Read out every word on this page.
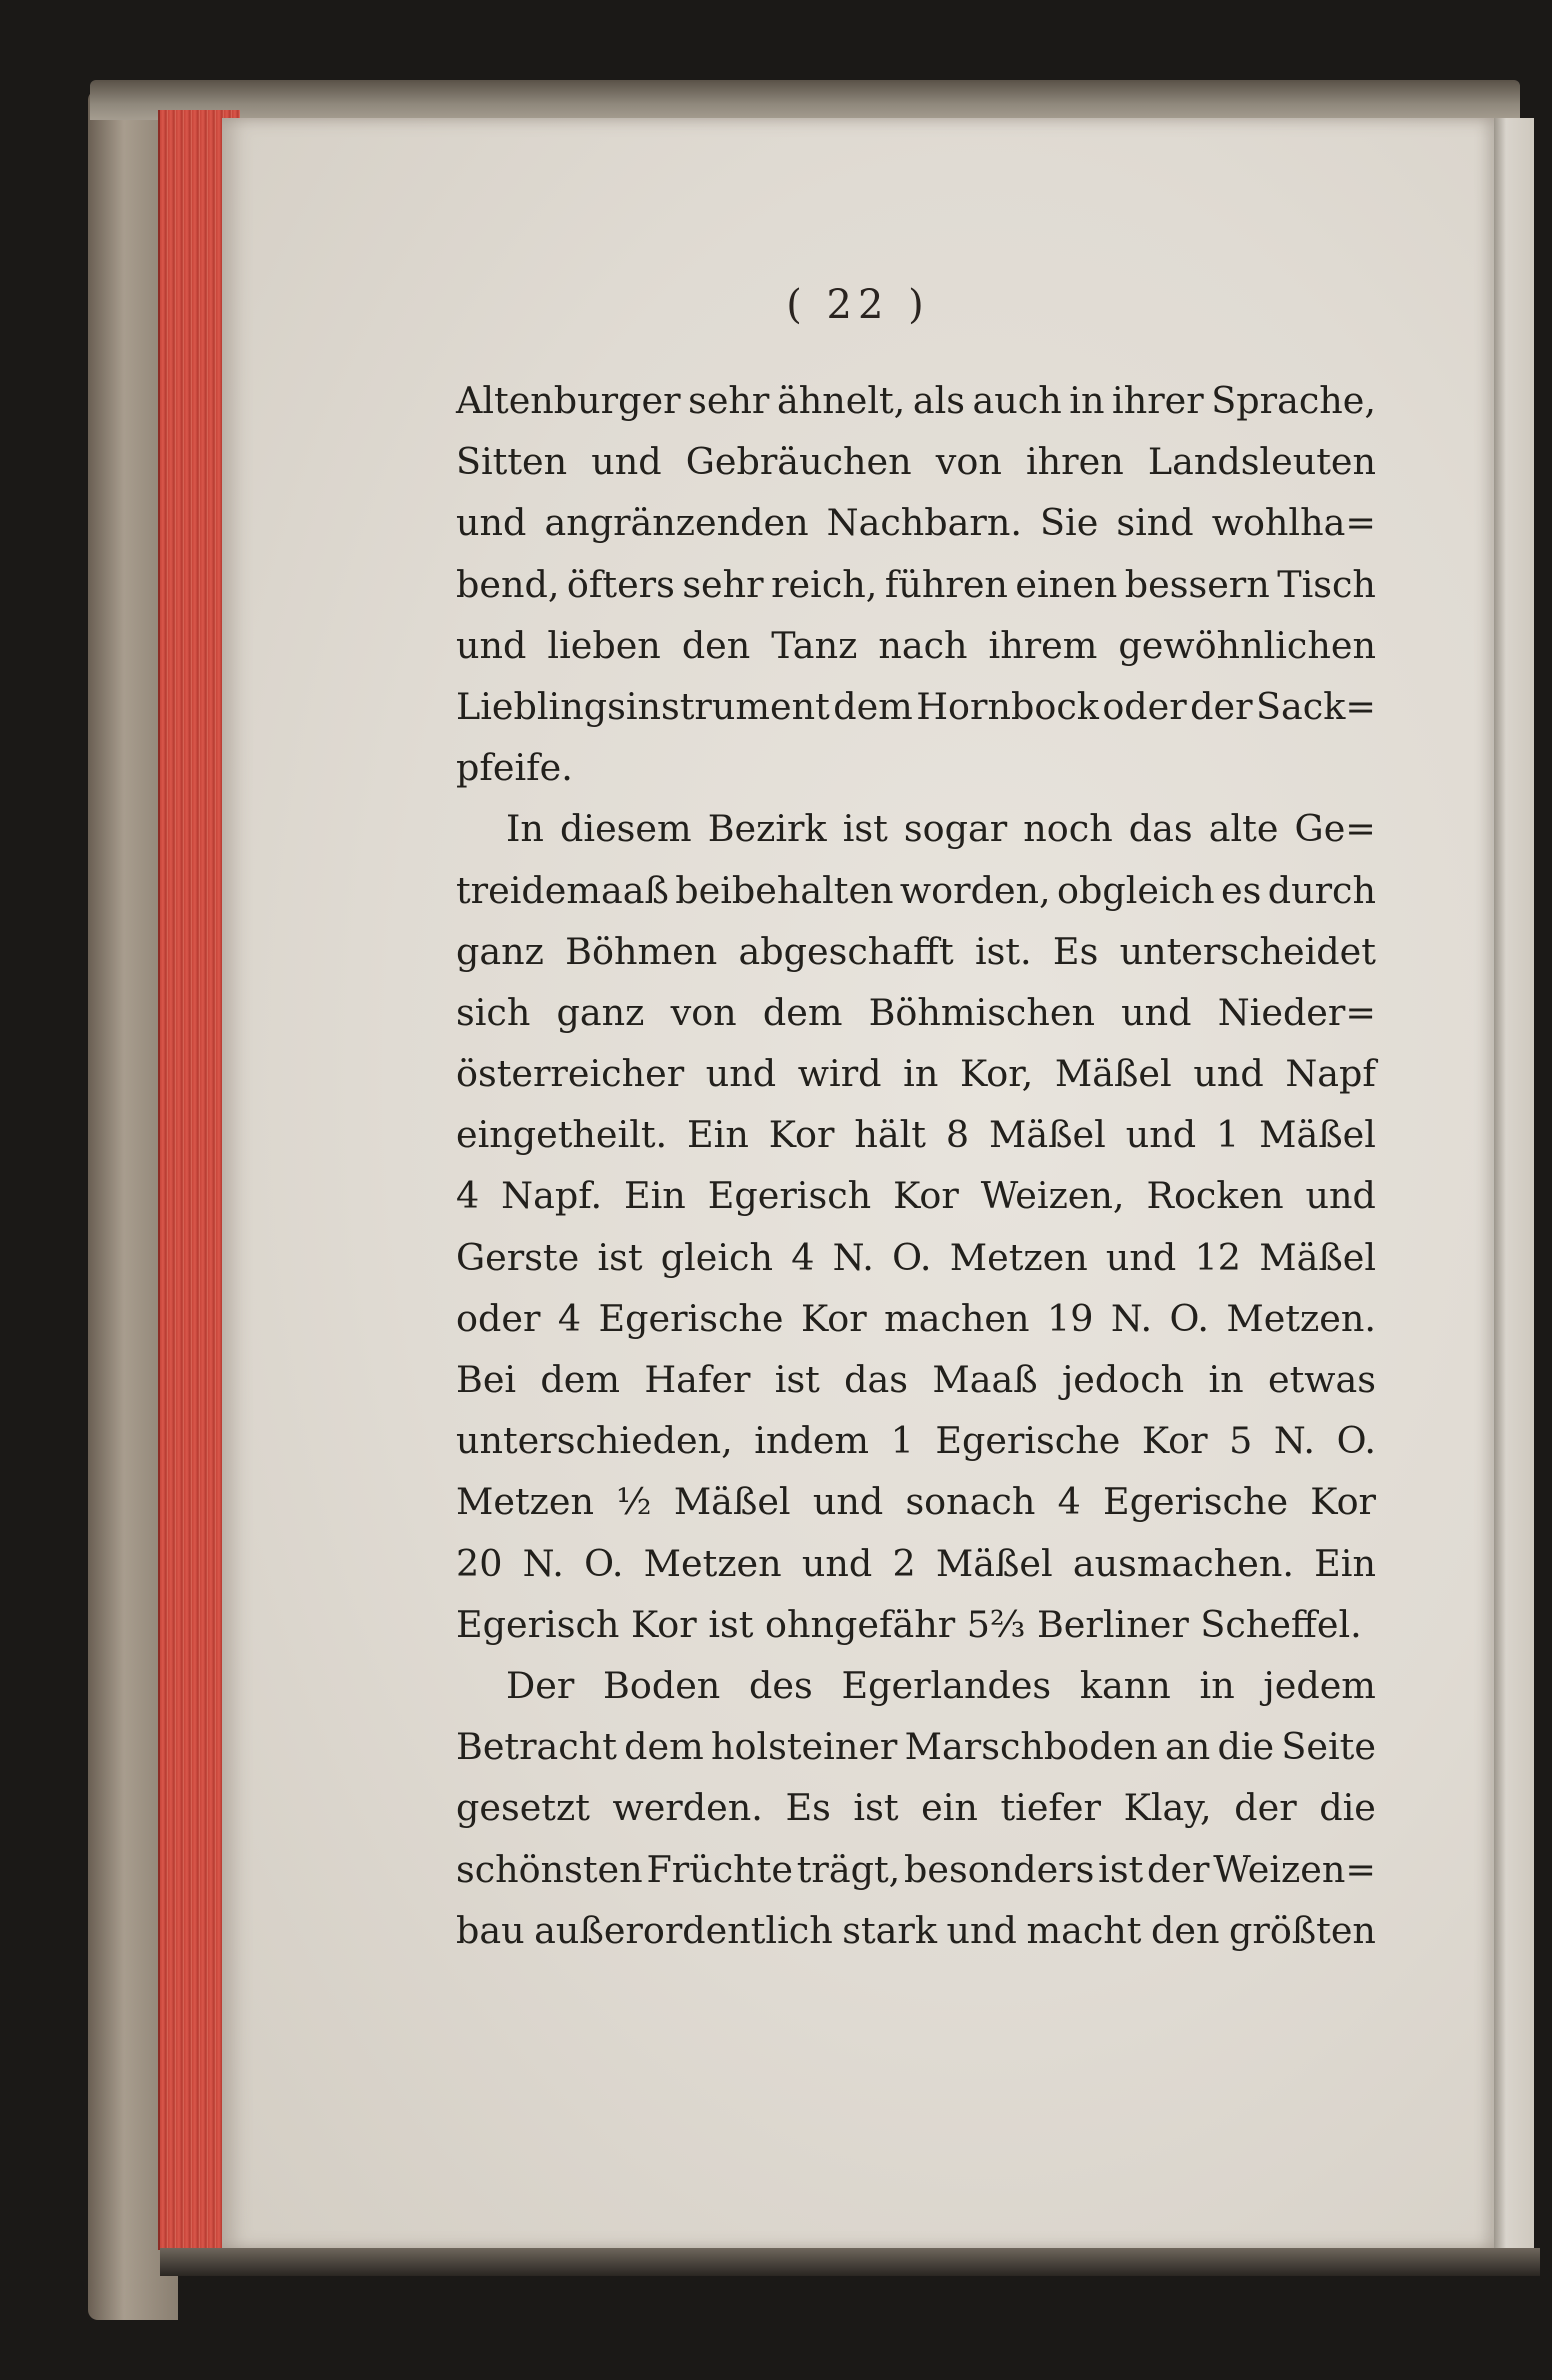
( 22 )
Altenburger sehr ähnelt, als auch in ihrer Sprache,
Sitten und Gebräuchen von ihren Landsleuten
und angränzenden Nachbarn. Sie sind wohlha=
bend, öfters sehr reich, führen einen bessern Tisch
und lieben den Tanz nach ihrem gewöhnlichen
Lieblingsinstrument dem Hornbock oder der Sack=
pfeife.
In diesem Bezirk ist sogar noch das alte Ge=
treidemaaß beibehalten worden, obgleich es durch
ganz Böhmen abgeschafft ist. Es unterscheidet
sich ganz von dem Böhmischen und Nieder=
österreicher und wird in Kor, Mäßel und Napf
eingetheilt. Ein Kor hält 8 Mäßel und 1 Mäßel
4 Napf. Ein Egerisch Kor Weizen, Rocken und
Gerste ist gleich 4 N. O. Metzen und 12 Mäßel
oder 4 Egerische Kor machen 19 N. O. Metzen.
Bei dem Hafer ist das Maaß jedoch in etwas
unterschieden, indem 1 Egerische Kor 5 N. O.
Metzen ½ Mäßel und sonach 4 Egerische Kor
20 N. O. Metzen und 2 Mäßel ausmachen. Ein
Egerisch Kor ist ohngefähr 5⅔ Berliner Scheffel.
Der Boden des Egerlandes kann in jedem
Betracht dem holsteiner Marschboden an die Seite
gesetzt werden. Es ist ein tiefer Klay, der die
schönsten Früchte trägt, besonders ist der Weizen=
bau außerordentlich stark und macht den größten
